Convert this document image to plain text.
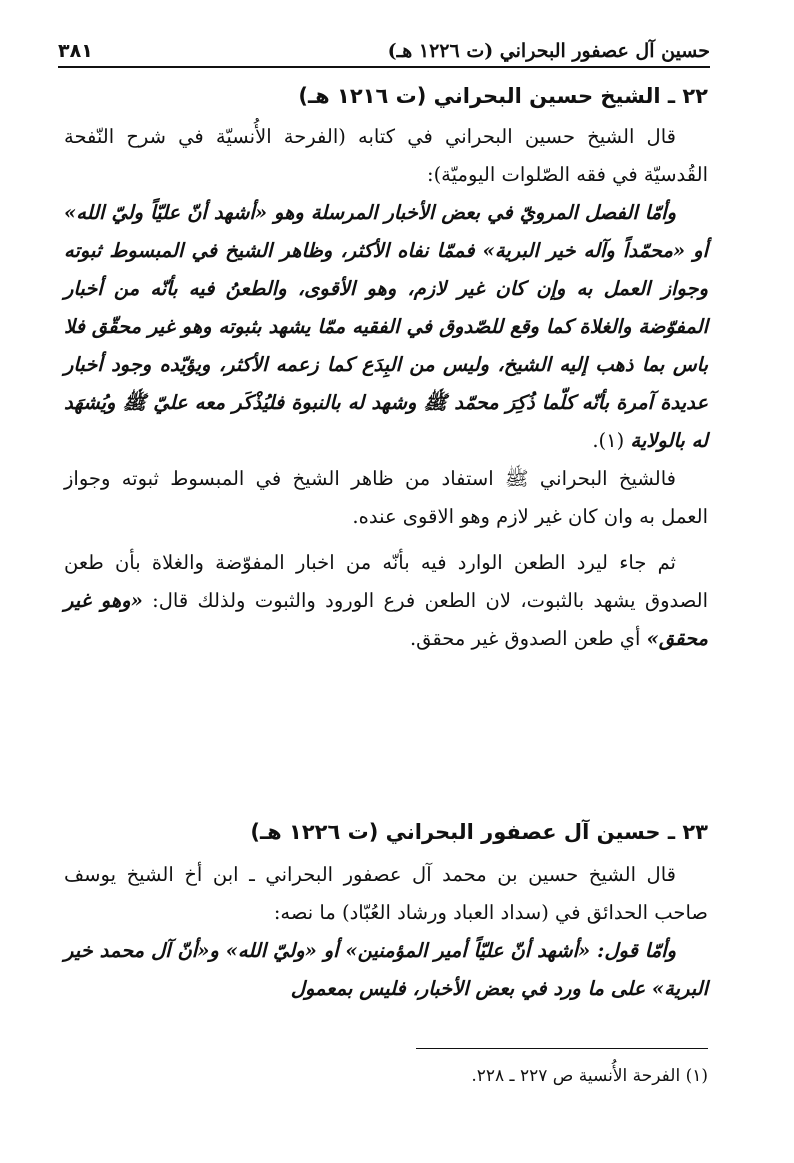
حسين آل عصفور البحراني (ت ١٢٢٦ هـ)
٣٨١
٢٢ ـ الشيخ حسين البحراني (ت ١٢١٦ هـ)

قال الشيخ حسين البحراني في كتابه (الفرحة الأُنسيّة في شرح النّفحة القُدسيّة في فقه الصّلوات اليوميّة):

وأمّا الفصل المرويّ في بعض الأخبار المرسلة وهو «أشهد أنّ عليّاً وليّ الله» أو «محمّداً وآله خير البرية» فممّا نفاه الأكثر، وظاهر الشيخ في المبسوط ثبوته وجواز العمل به وإن كان غير لازم، وهو الأقوى، والطعنُ فيه بأنّه من أخبار المفوّضة والغلاة كما وقع للصّدوق في الفقيه ممّا يشهد بثبوته وهو غير محقّق فلا باس بما ذهب إليه الشيخ، وليس من البِدَع كما زعمه الأكثر، ويؤيّده وجود أخبار عديدة آمرة بأنّه كلّما ذُكِرَ محمّد ﷺ وشهد له بالنبوة فليُذْكَر معه عليّ ﷺ ويُشهَد له بالولاية (١).

فالشيخ البحراني ﷺ استفاد من ظاهر الشيخ في المبسوط ثبوته وجواز العمل به وان كان غير لازم وهو الاقوى عنده.

ثم جاء ليرد الطعن الوارد فيه بأنّه من اخبار المفوّضة والغلاة بأن طعن الصدوق يشهد بالثبوت، لان الطعن فرع الورود والثبوت ولذلك قال: «وهو غير محقق» أي طعن الصدوق غير محقق.

٢٣ ـ حسين آل عصفور البحراني (ت ١٢٢٦ هـ)

قال الشيخ حسين بن محمد آل عصفور البحراني ـ ابن أخ الشيخ يوسف صاحب الحدائق في (سداد العباد ورشاد العُبّاد) ما نصه:

وأمّا قول: «أشهد أنّ عليّاً أمير المؤمنين» أو «وليّ الله» و«أنّ آل محمد خير البرية» على ما ورد في بعض الأخبار، فليس بمعمول

(١) الفرحة الأُنسية ص ٢٢٧ ـ ٢٢٨.
